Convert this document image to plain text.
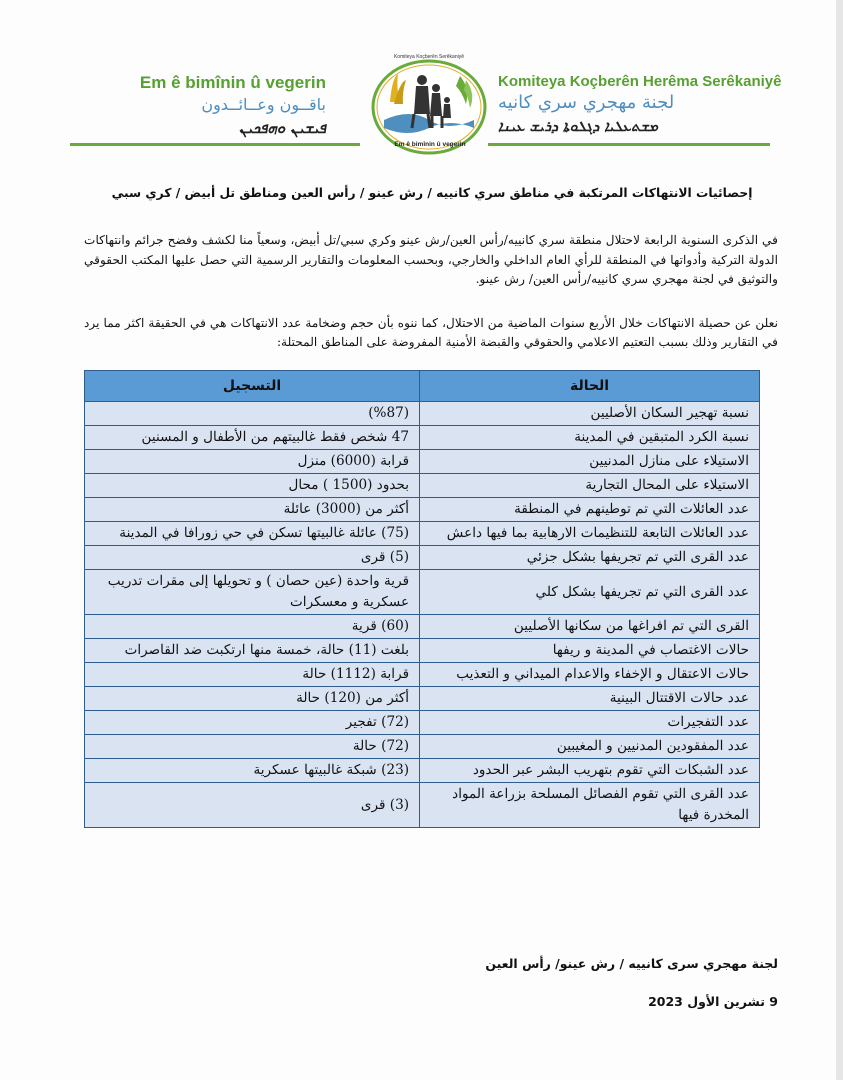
Em ê bimînin û vegerin
باقــون وعــائــدون
ܦܝܫܝܢ ܘܗܦܟܝܢ
Komiteya Koçberên Serêkaniyê
Em ê bimînin û vegerin
Komiteya Koçberên Herêma Serêkaniyê
لجنة مهجري سري كانيه
ܡܫܬܥܠܝܐ ܕܓܠܘܬܐ ܕܪܝܫ ܥܝܢܐ
إحصائيات الانتهاكات المرتكبة في مناطق سري كانييه / رش عينو / رأس العين ومناطق تل أبيض / كري سبي
في الذكرى السنوية الرابعة لاحتلال منطقة سري كانييه/رأس العين/رش عينو وكري سبي/تل أبيض، وسعياً منا لكشف وفضح جرائم وانتهاكات الدولة التركية وأدواتها في المنطقة للرأي العام الداخلي والخارجي، وبحسب المعلومات والتقارير الرسمية التي حصل عليها المكتب الحقوقي والتوثيق في لجنة مهجري سري كانييه/رأس العين/ رش عينو.
نعلن عن حصيلة الانتهاكات خلال الأربع سنوات الماضية من الاحتلال، كما ننوه بأن حجم وضخامة عدد الانتهاكات هي في الحقيقة اكثر مما يرد في التقارير وذلك بسبب التعتيم الاعلامي والحقوقي والقبضة الأمنية المفروضة على المناطق المحتلة:
الحالة	التسجيل
نسبة تهجير السكان الأصليين	(%87)
نسبة الكرد المتبقين في المدينة	47 شخص فقط غالبيتهم من الأطفال و المسنين
الاستيلاء على منازل المدنيين	قرابة (6000) منزل
الاستيلاء على المحال التجارية	بحدود (1500 ) محال
عدد العائلات التي تم توطينهم في المنطقة	أكثر من (3000) عائلة
عدد العائلات التابعة للتنظيمات الارهابية بما فيها داعش	(75) عائلة غالبيتها تسكن في حي زورافا في المدينة
عدد القرى التي تم تجريفها بشكل جزئي	(5) قرى
عدد القرى التي تم تجريفها بشكل كلي	قرية واحدة (عين حصان ) و تحويلها إلى مقرات تدريب عسكرية و معسكرات
القرى التي تم افراغها من سكانها الأصليين	(60) قرية
حالات الاغتصاب في المدينة و ريفها	بلغت (11) حالة، خمسة منها ارتكبت ضد القاصرات
حالات الاعتقال و الإخفاء والاعدام الميداني و التعذيب	قرابة (1112) حالة
عدد حالات الاقتتال البينية	أكثر من (120) حالة
عدد التفجيرات	(72) تفجير
عدد المفقودين المدنيين و المغيبين	(72) حالة
عدد الشبكات التي تقوم بتهريب البشر عبر الحدود	(23) شبكة غالبيتها عسكرية
عدد القرى التي تقوم الفصائل المسلحة بزراعة المواد المخدرة فيها	(3) قرى
لجنة مهجري سرى كانييه / رش عينو/ رأس العين
9 تشرين الأول 2023
